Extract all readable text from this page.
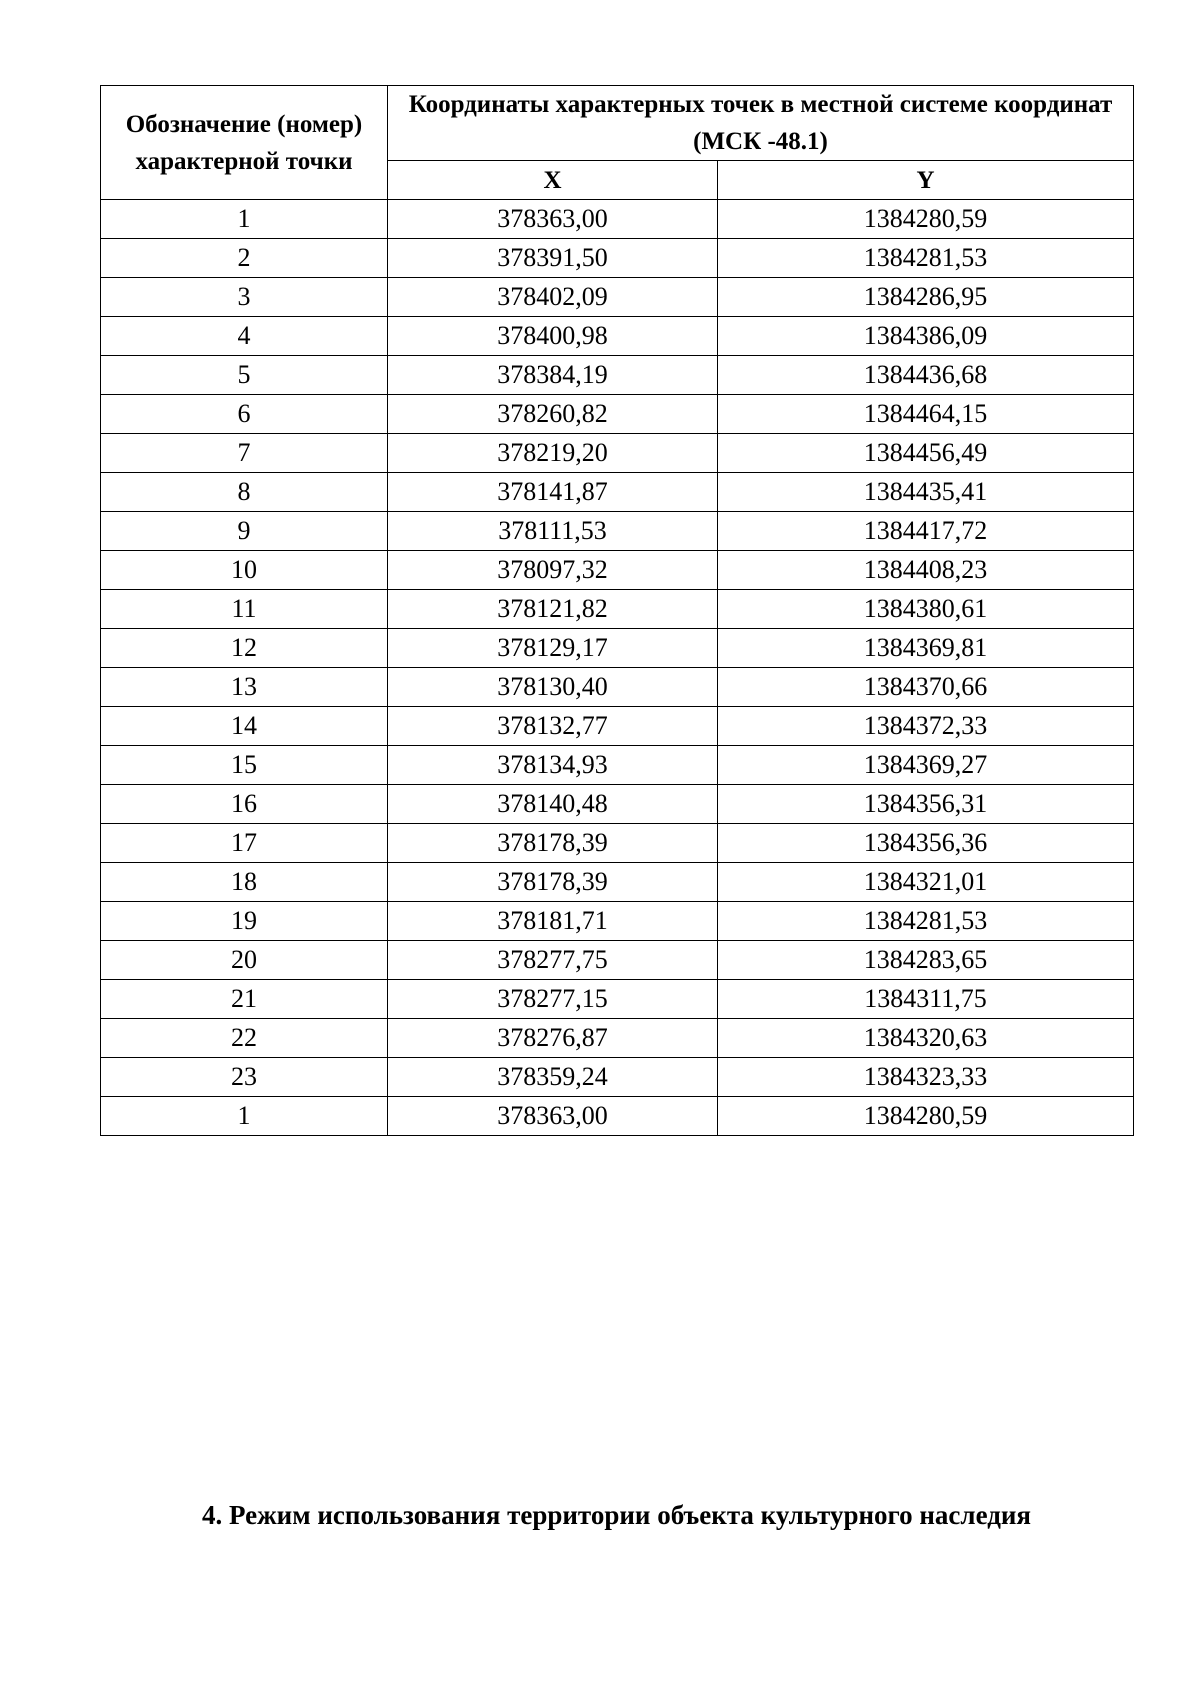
Обозначение (номер) характерной точки	Координаты характерных точек в местной системе координат (МСК -48.1)	
	X	Y
1	378363,00	1384280,59
2	378391,50	1384281,53
3	378402,09	1384286,95
4	378400,98	1384386,09
5	378384,19	1384436,68
6	378260,82	1384464,15
7	378219,20	1384456,49
8	378141,87	1384435,41
9	378111,53	1384417,72
10	378097,32	1384408,23
11	378121,82	1384380,61
12	378129,17	1384369,81
13	378130,40	1384370,66
14	378132,77	1384372,33
15	378134,93	1384369,27
16	378140,48	1384356,31
17	378178,39	1384356,36
18	378178,39	1384321,01
19	378181,71	1384281,53
20	378277,75	1384283,65
21	378277,15	1384311,75
22	378276,87	1384320,63
23	378359,24	1384323,33
1	378363,00	1384280,59
4. Режим использования территории объекта культурного наследия
